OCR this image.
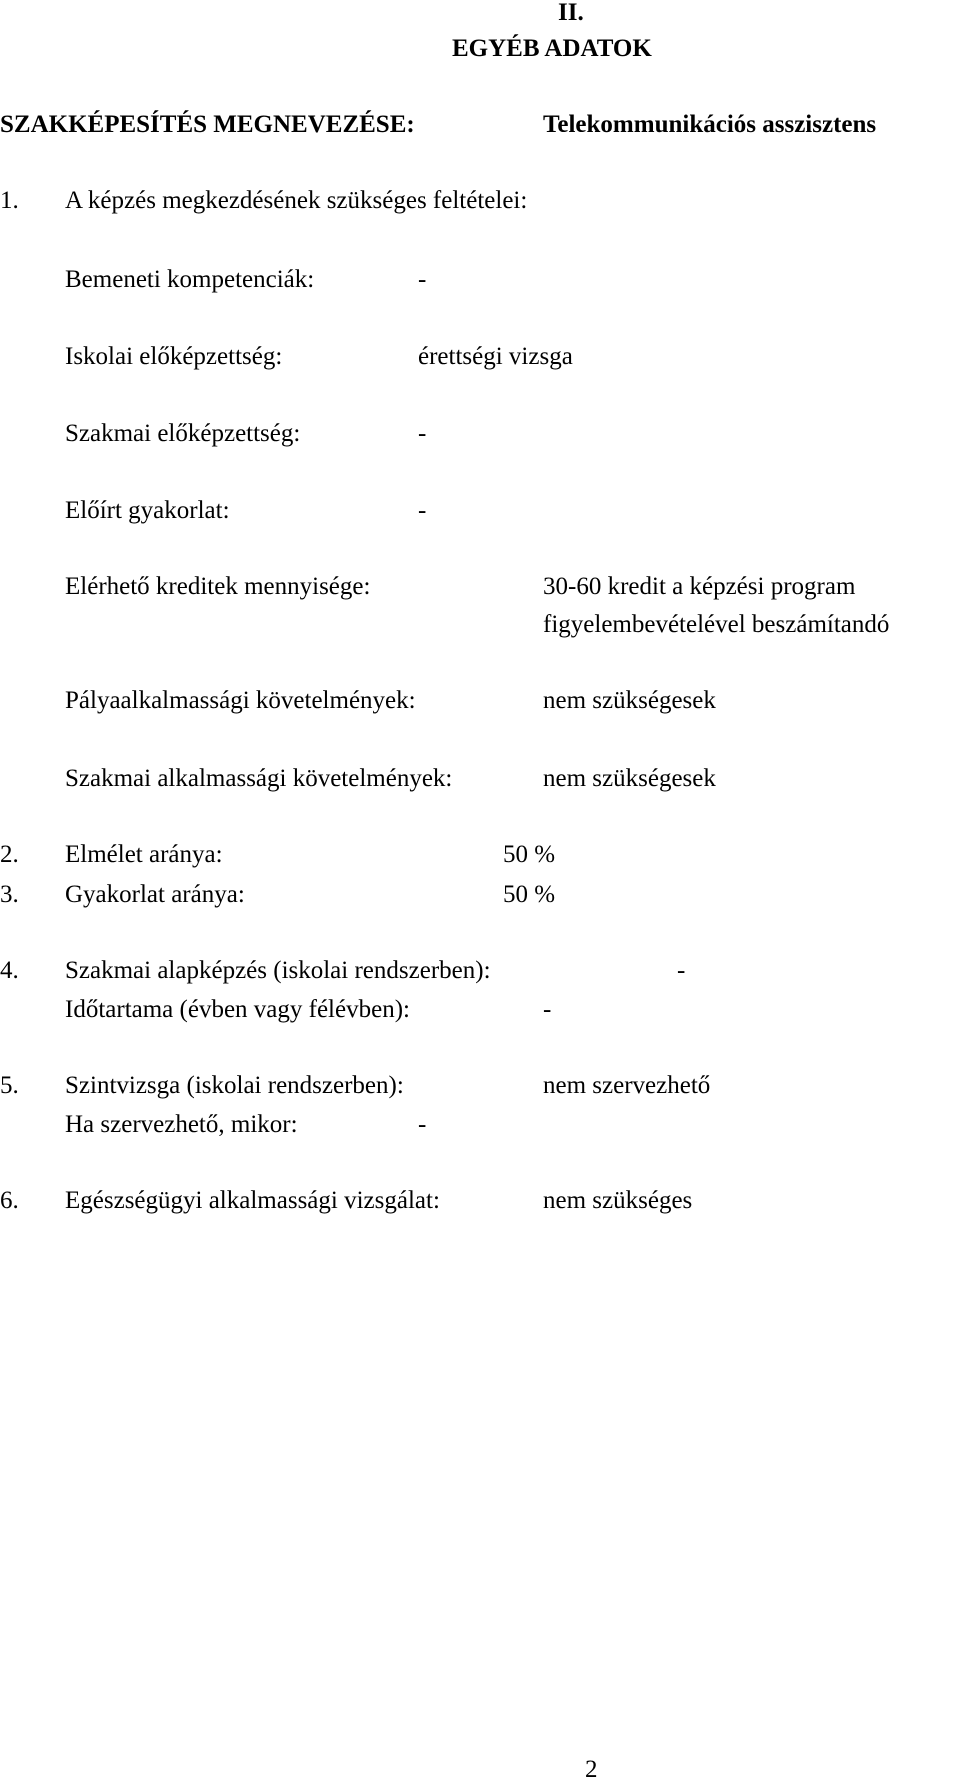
II.
EGYÉB ADATOK
SZAKKÉPESÍTÉS MEGNEVEZÉSE:	Telekommunikációs asszisztens
1. A képzés megkezdésének szükséges feltételei:
Bemeneti kompetenciák:	-
Iskolai előképzettség:	érettségi vizsga
Szakmai előképzettség:	-
Előírt gyakorlat:	-
Elérhető kreditek mennyisége:	30-60 kredit a képzési program
figyelembevételével beszámítandó
Pályaalkalmassági követelmények:	nem szükségesek
Szakmai alkalmassági követelmények:	nem szükségesek
2. Elmélet aránya:	50 %
3. Gyakorlat aránya:	50 %
4. Szakmai alapképzés (iskolai rendszerben):	-
Időtartama (évben vagy félévben):	-
5. Szintvizsga (iskolai rendszerben):	nem szervezhető
Ha szervezhető, mikor:	-
6. Egészségügyi alkalmassági vizsgálat:	nem szükséges
2
